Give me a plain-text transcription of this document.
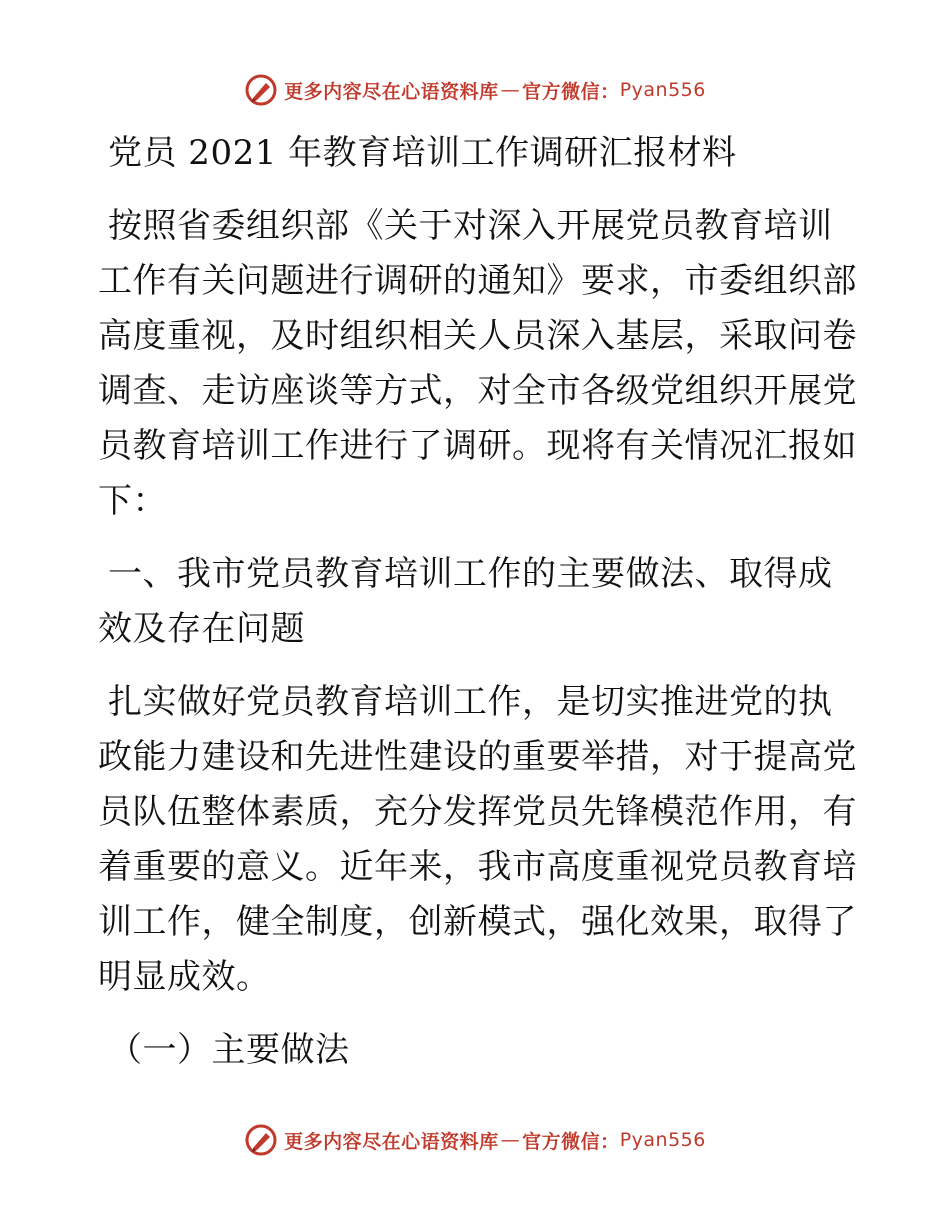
更多内容尽在心语资料库 — 官方微信： Pyan556
党员 2021 年教育培训工作调研汇报材料
按照省委组织部《关于对深入开展党员教育培训
工作有关问题进行调研的通知》要求，市委组织部
高度重视，及时组织相关人员深入基层，采取问卷
调查、走访座谈等方式，对全市各级党组织开展党
员教育培训工作进行了调研。现将有关情况汇报如
下：
一、我市党员教育培训工作的主要做法、取得成
效及存在问题
扎实做好党员教育培训工作，是切实推进党的执
政能力建设和先进性建设的重要举措，对于提高党
员队伍整体素质，充分发挥党员先锋模范作用，有
着重要的意义。近年来，我市高度重视党员教育培
训工作，健全制度，创新模式，强化效果，取得了
明显成效。
（一）主要做法
更多内容尽在心语资料库 — 官方微信： Pyan556
